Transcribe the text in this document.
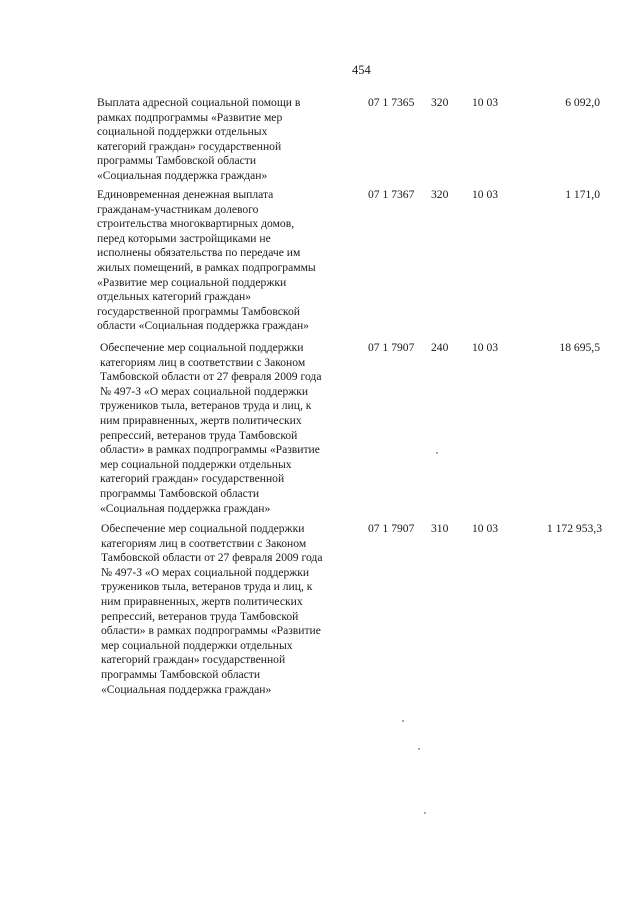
454
Выплата адресной социальной помощи в
рамках подпрограммы «Развитие мер
социальной поддержки отдельных
категорий граждан» государственной
программы Тамбовской области
«Социальная поддержка граждан»
07 1 7365 320 10 03	6 092,0
Единовременная денежная выплата
гражданам-участникам долевого
строительства многоквартирных домов,
перед которыми застройщиками не
исполнены обязательства по передаче им
жилых помещений, в рамках подпрограммы
«Развитие мер социальной поддержки
отдельных категорий граждан»
государственной программы Тамбовской
области «Социальная поддержка граждан»
07 1 7367 320 10 03	1 171,0
Обеспечение мер социальной поддержки
категориям лиц в соответствии с Законом
Тамбовской области от 27 февраля 2009 года
№ 497-З «О мерах социальной поддержки
тружеников тыла, ветеранов труда и лиц, к
ним приравненных, жертв политических
репрессий, ветеранов труда Тамбовской
области» в рамках подпрограммы «Развитие
мер социальной поддержки отдельных
категорий граждан» государственной
программы Тамбовской области
«Социальная поддержка граждан»
07 1 7907 240 10 03	18 695,5
Обеспечение мер социальной поддержки
категориям лиц в соответствии с Законом
Тамбовской области от 27 февраля 2009 года
№ 497-З «О мерах социальной поддержки
тружеников тыла, ветеранов труда и лиц, к
ним приравненных, жертв политических
репрессий, ветеранов труда Тамбовской
области» в рамках подпрограммы «Развитие
мер социальной поддержки отдельных
категорий граждан» государственной
программы Тамбовской области
«Социальная поддержка граждан»
07 1 7907 310 10 03	1 172 953,3
